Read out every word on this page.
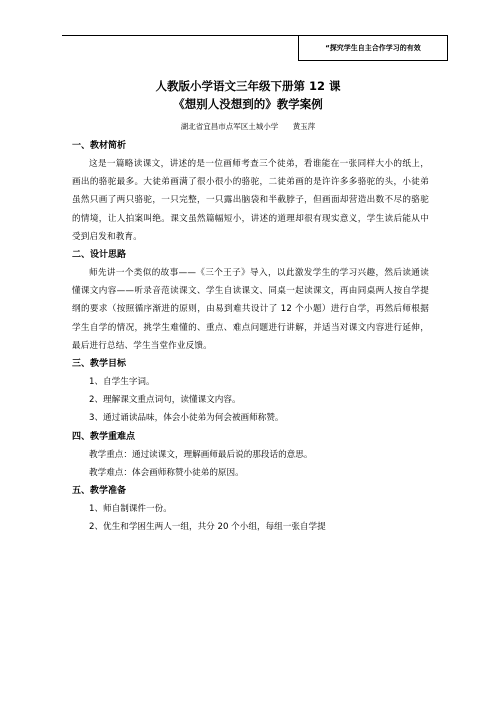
“探究学生自主合作学习的有效
人教版小学语文三年级下册第 12 课
《想别人没想到的》教学案例
湖北省宜昌市点军区土城小学 黄玉萍
一、教材简析
这是一篇略读课文，讲述的是一位画师考查三个徒弟，看谁能在一张同样大小的纸上，画出的骆驼最多。大徒弟画满了很小很小的骆驼，二徒弟画的是许许多多骆驼的头，小徒弟虽然只画了两只骆驼，一只完整，一只露出脑袋和半截脖子，但画面却营造出数不尽的骆驼的情境，让人拍案叫绝。课文虽然篇幅短小，讲述的道理却很有现实意义，学生读后能从中受到启发和教育。
二、设计思路
师先讲一个类似的故事——《三个王子》导入，以此激发学生的学习兴趣，然后读通读懂课文内容——听录音范读课文、学生自读课文、同桌一起读课文，再由同桌两人按自学提纲的要求（按照循序渐进的原则，由易到难共设计了 12 个小题）进行自学，再然后师根据学生自学的情况，挑学生难懂的、重点、难点问题进行讲解，并适当对课文内容进行延伸，最后进行总结、学生当堂作业反馈。
三、教学目标
1、自学生字词。
2、理解课文重点词句，读懂课文内容。
3、通过诵读品味，体会小徒弟为何会被画师称赞。
四、教学重难点
教学重点：通过读课文，理解画师最后说的那段话的意思。
教学难点：体会画师称赞小徒弟的原因。
五、教学准备
1、师自制课件一份。
2、优生和学困生两人一组，共分 20 个小组，每组一张自学提
